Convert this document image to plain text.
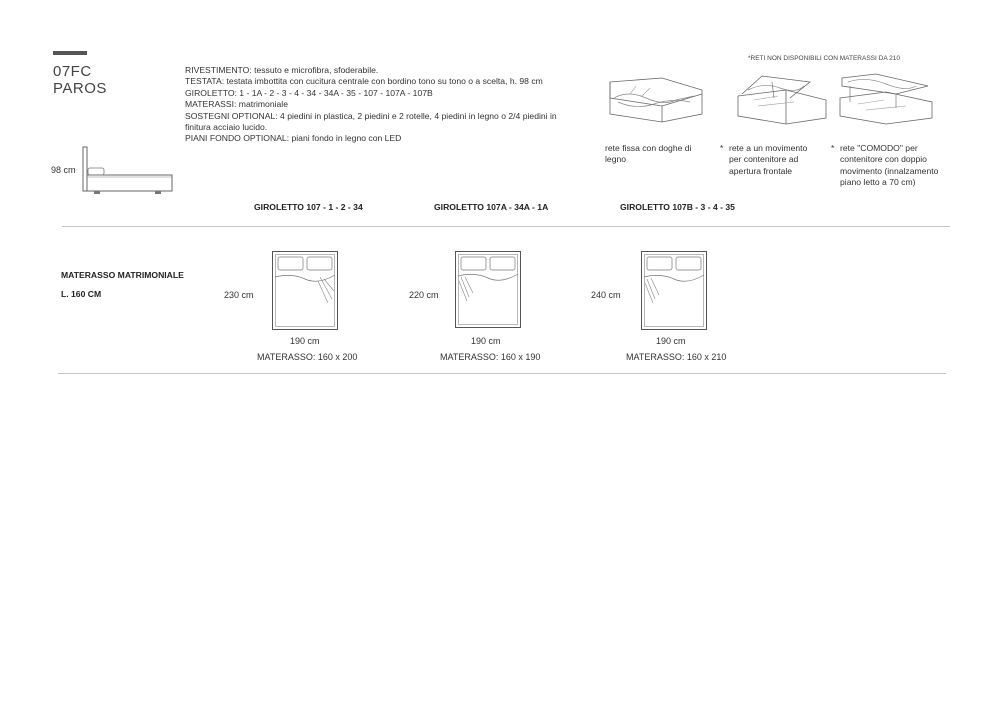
07FC
PAROS
RIVESTIMENTO: tessuto e microfibra, sfoderabile.
TESTATA: testata imbottita con cucitura centrale con bordino tono su tono o a scelta, h. 98 cm
GIROLETTO: 1 - 1A - 2 - 3 - 4 - 34 - 34A - 35 - 107 - 107A - 107B
MATERASSI: matrimoniale
SOSTEGNI OPTIONAL: 4 piedini in plastica, 2 piedini e 2 rotelle, 4 piedini in legno o 2/4 piedini in
finitura acciaio lucido.
PIANI FONDO OPTIONAL: piani fondo in legno con LED
*RETI NON DISPONIBILI CON MATERASSI DA 210
98 cm
rete fissa con doghe di
legno
* rete a un movimento
per contenitore ad
apertura frontale
* rete "COMODO" per
contenitore con doppio
movimento (innalzamento
piano letto a 70 cm)
GIROLETTO 107 - 1 - 2 - 34	GIROLETTO 107A - 34A - 1A	GIROLETTO 107B - 3 - 4 - 35
MATERASSO MATRIMONIALE
L. 160 CM	230 cm
190 cm
MATERASSO: 160 x 200
220 cm
190 cm
MATERASSO: 160 x 190
240 cm
190 cm
MATERASSO: 160 x 210
